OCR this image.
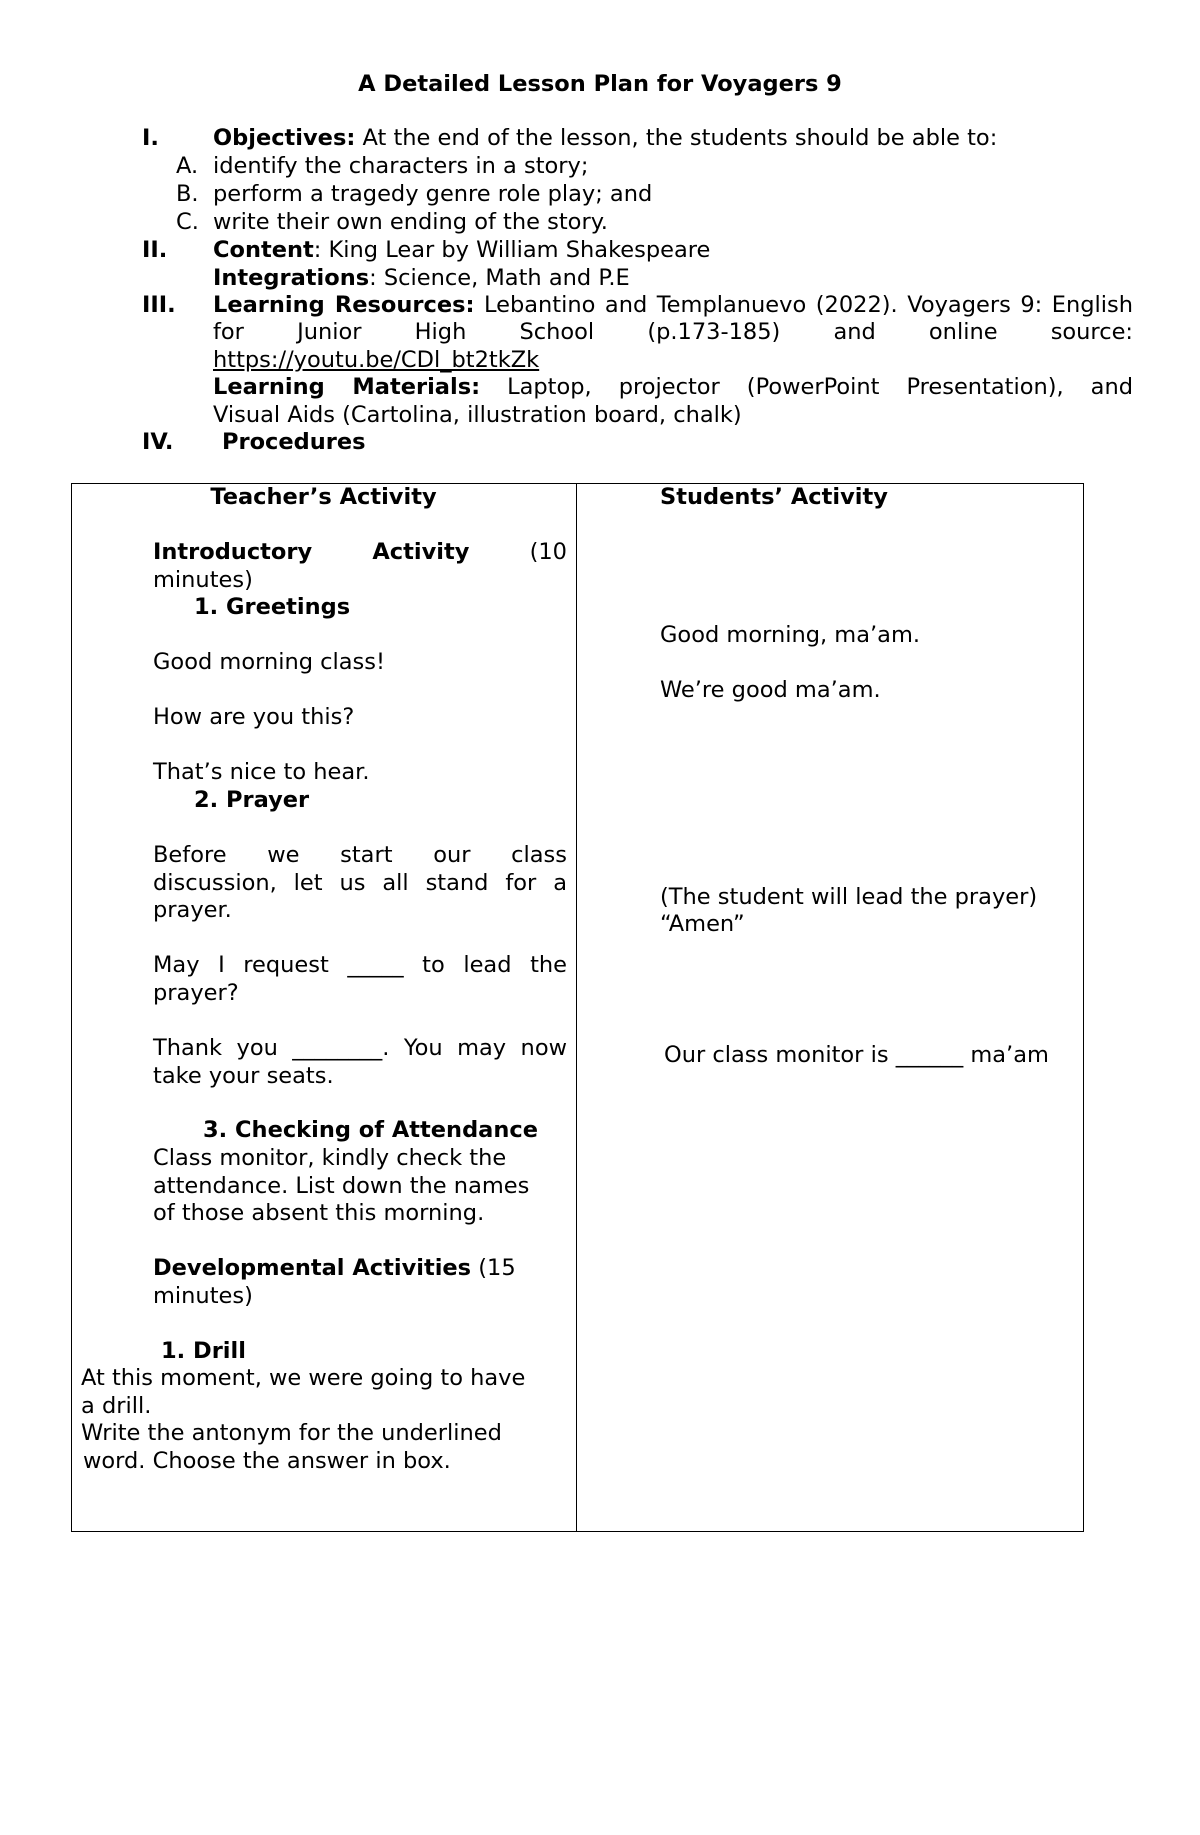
A Detailed Lesson Plan for Voyagers 9
I. Objectives: At the end of the lesson, the students should be able to:
A. identify the characters in a story;
B. perform a tragedy genre role play; and
C. write their own ending of the story.
II. Content: King Lear by William Shakespeare
Integrations: Science, Math and P.E
III. Learning Resources: Lebantino and Templanuevo (2022). Voyagers 9: English for Junior High School (p.173-185) and online source:
https://youtu.be/CDl_bt2tkZk
Learning Materials: Laptop, projector (PowerPoint Presentation), and
Visual Aids (Cartolina, illustration board, chalk)
IV. Procedures
Teacher’s Activity
Introductory	Activity	(10
minutes)
1. Greetings
Good morning class!
How are you this?
That’s nice to hear.
2. Prayer
Before we start our class
discussion, let us all stand for a
prayer.
May I request _____ to lead the
prayer?
Thank you ________. You may now
take your seats.
3. Checking of Attendance
Class monitor, kindly check the
attendance. List down the names
of those absent this morning.
Developmental Activities (15
minutes)
1. Drill
At this moment, we were going to have
a drill.
Write the antonym for the underlined
word. Choose the answer in box.
Students’ Activity
Good morning, ma’am.
We’re good ma’am.
(The student will lead the prayer)
“Amen”
Our class monitor is ______ ma’am
